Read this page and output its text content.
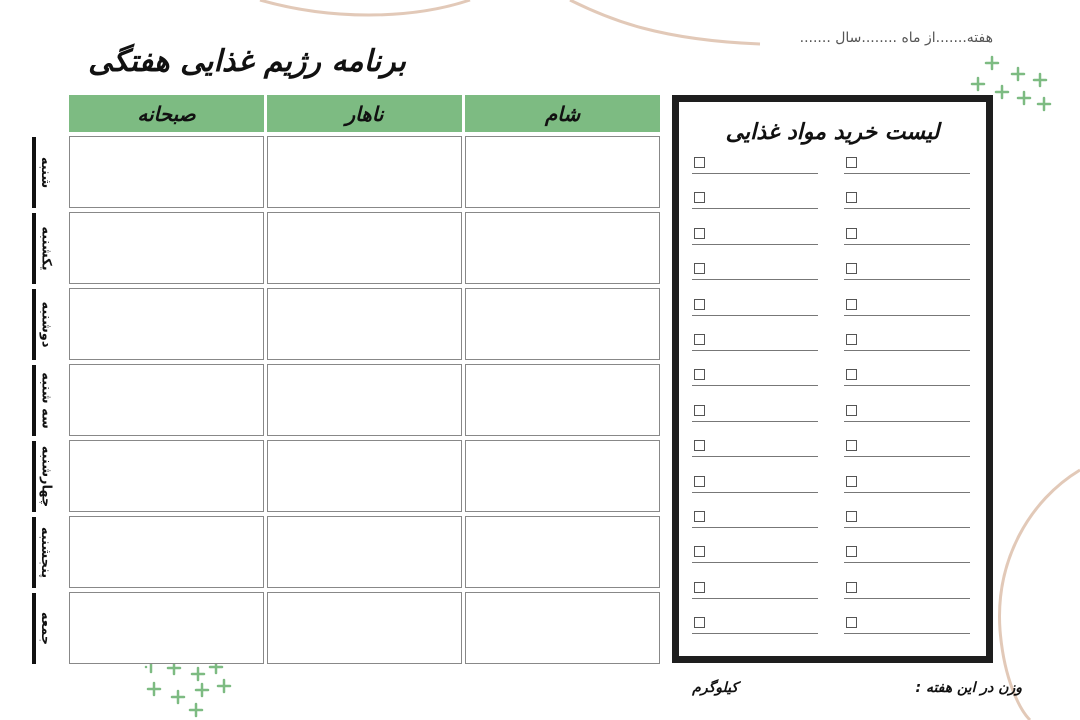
هفته.......از ماه ........سال .......
برنامه رژیم غذایی هفتگی
شام
ناهار
صبحانه
شنبه
یکشنبه
دوشنبه
سه شنبه
چهارشنبه
پنجشنبه
جمعه
لیست خرید مواد غذایی
وزن در این هفته :
کیلوگرم
